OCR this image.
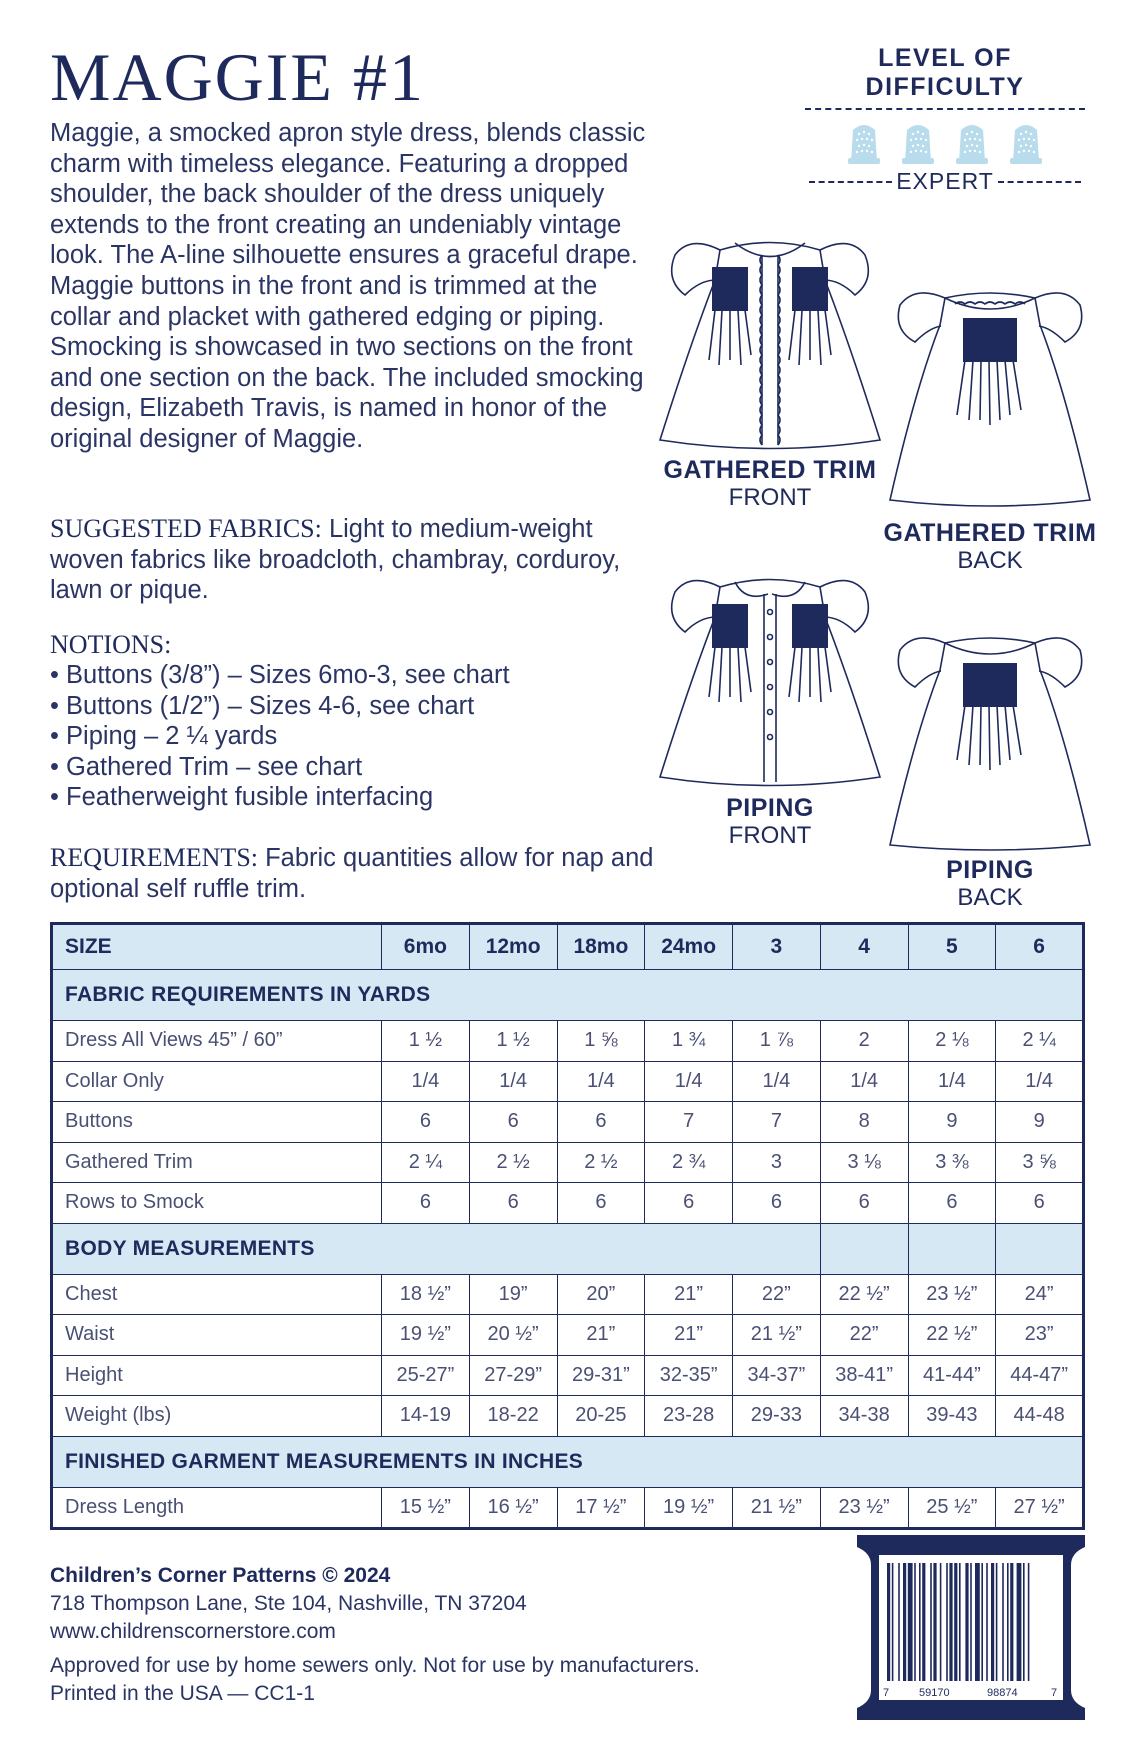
MAGGIE #1

Maggie, a smocked apron style dress, blends classic charm with timeless elegance. Featuring a dropped shoulder, the back shoulder of the dress uniquely extends to the front creating an undeniably vintage look. The A-line silhouette ensures a graceful drape. Maggie buttons in the front and is trimmed at the collar and placket with gathered edging or piping. Smocking is showcased in two sections on the front and one section on the back. The included smocking design, Elizabeth Travis, is named in honor of the original designer of Maggie.

LEVEL OF DIFFICULTY
EXPERT
GATHERED TRIM
FRONT
GATHERED TRIM
BACK
PIPING
FRONT
PIPING
BACK

SUGGESTED FABRICS: Light to medium-weight woven fabrics like broadcloth, chambray, corduroy, lawn or pique.

NOTIONS:

• Buttons (3/8”) – Sizes 6mo-3, see chart
• Buttons (1/2”) – Sizes 4-6, see chart
• Piping – 2 ¼ yards
• Gathered Trim – see chart
• Featherweight fusible interfacing

REQUIREMENTS: Fabric quantities allow for nap and optional self ruffle trim.

SIZE	6mo	12mo	18mo	24mo	3	4	5	6
FABRIC REQUIREMENTS IN YARDS								
Dress All Views 45” / 60”	1 ½	1 ½	1 ⅝	1 ¾	1 ⅞	2	2 ⅛	2 ¼
Collar Only	1/4	1/4	1/4	1/4	1/4	1/4	1/4	1/4
Buttons	6	6	6	7	7	8	9	9
Gathered Trim	2 ¼	2 ½	2 ½	2 ¾	3	3 ⅛	3 ⅜	3 ⅝
Rows to Smock	6	6	6	6	6	6	6	6
BODY MEASUREMENTS								
Chest	18 ½”	19”	20”	21”	22”	22 ½”	23 ½”	24”
Waist	19 ½”	20 ½”	21”	21”	21 ½”	22”	22 ½”	23”
Height	25-27”	27-29”	29-31”	32-35”	34-37”	38-41”	41-44”	44-47”
Weight (lbs)	14-19	18-22	20-25	23-28	29-33	34-38	39-43	44-48
FINISHED GARMENT MEASUREMENTS IN INCHES								
Dress Length	15 ½”	16 ½”	17 ½”	19 ½”	21 ½”	23 ½”	25 ½”	27 ½”
Children’s Corner Patterns © 2024
718 Thompson Lane, Ste 104, Nashville, TN 37204
www.childrenscornerstore.com
Approved for use by home sewers only. Not for use by manufacturers.
Printed in the USA — CC1-1	7	59170	98874	7
